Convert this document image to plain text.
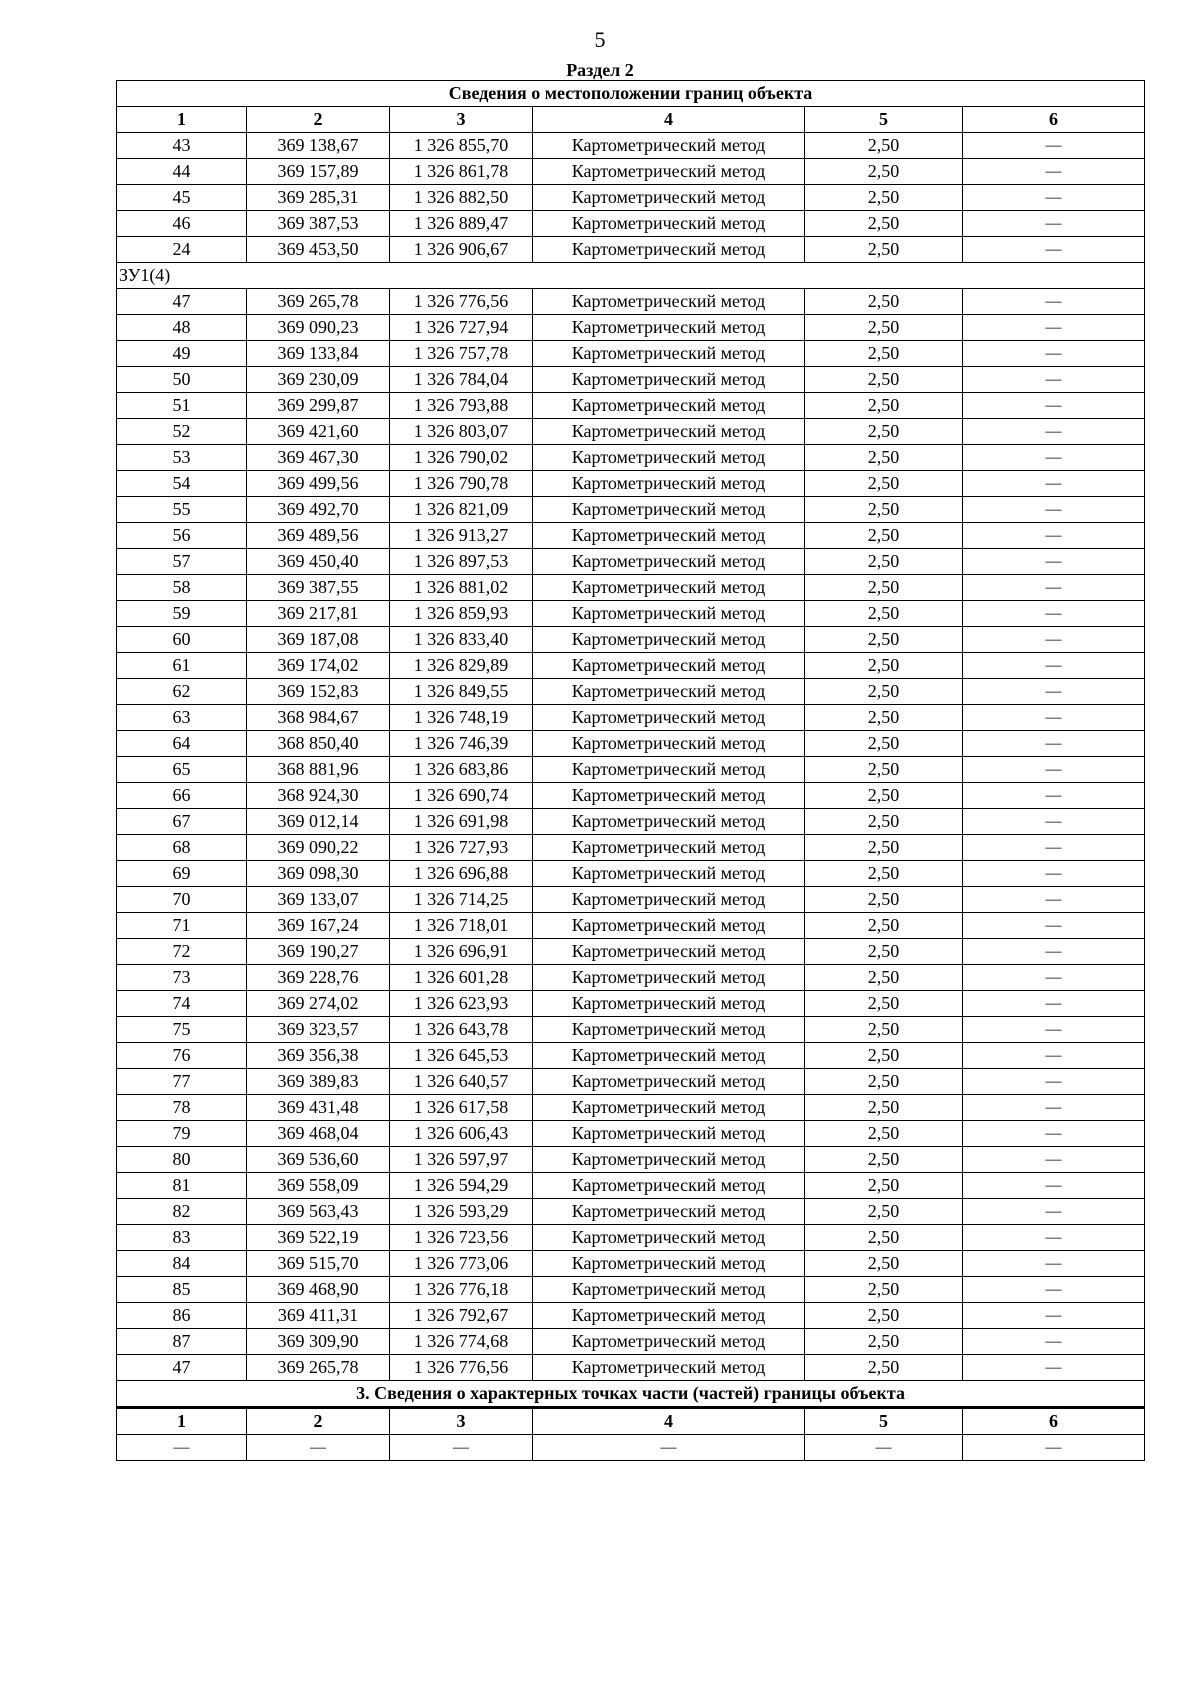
5
Раздел 2
Сведения о местоположении границ объекта					
1	2	3	4	5	6
43	369 138,67	1 326 855,70	Картометрический метод	2,50	—
44	369 157,89	1 326 861,78	Картометрический метод	2,50	—
45	369 285,31	1 326 882,50	Картометрический метод	2,50	—
46	369 387,53	1 326 889,47	Картометрический метод	2,50	—
24	369 453,50	1 326 906,67	Картометрический метод	2,50	—
ЗУ1(4)					
47	369 265,78	1 326 776,56	Картометрический метод	2,50	—
48	369 090,23	1 326 727,94	Картометрический метод	2,50	—
49	369 133,84	1 326 757,78	Картометрический метод	2,50	—
50	369 230,09	1 326 784,04	Картометрический метод	2,50	—
51	369 299,87	1 326 793,88	Картометрический метод	2,50	—
52	369 421,60	1 326 803,07	Картометрический метод	2,50	—
53	369 467,30	1 326 790,02	Картометрический метод	2,50	—
54	369 499,56	1 326 790,78	Картометрический метод	2,50	—
55	369 492,70	1 326 821,09	Картометрический метод	2,50	—
56	369 489,56	1 326 913,27	Картометрический метод	2,50	—
57	369 450,40	1 326 897,53	Картометрический метод	2,50	—
58	369 387,55	1 326 881,02	Картометрический метод	2,50	—
59	369 217,81	1 326 859,93	Картометрический метод	2,50	—
60	369 187,08	1 326 833,40	Картометрический метод	2,50	—
61	369 174,02	1 326 829,89	Картометрический метод	2,50	—
62	369 152,83	1 326 849,55	Картометрический метод	2,50	—
63	368 984,67	1 326 748,19	Картометрический метод	2,50	—
64	368 850,40	1 326 746,39	Картометрический метод	2,50	—
65	368 881,96	1 326 683,86	Картометрический метод	2,50	—
66	368 924,30	1 326 690,74	Картометрический метод	2,50	—
67	369 012,14	1 326 691,98	Картометрический метод	2,50	—
68	369 090,22	1 326 727,93	Картометрический метод	2,50	—
69	369 098,30	1 326 696,88	Картометрический метод	2,50	—
70	369 133,07	1 326 714,25	Картометрический метод	2,50	—
71	369 167,24	1 326 718,01	Картометрический метод	2,50	—
72	369 190,27	1 326 696,91	Картометрический метод	2,50	—
73	369 228,76	1 326 601,28	Картометрический метод	2,50	—
74	369 274,02	1 326 623,93	Картометрический метод	2,50	—
75	369 323,57	1 326 643,78	Картометрический метод	2,50	—
76	369 356,38	1 326 645,53	Картометрический метод	2,50	—
77	369 389,83	1 326 640,57	Картометрический метод	2,50	—
78	369 431,48	1 326 617,58	Картометрический метод	2,50	—
79	369 468,04	1 326 606,43	Картометрический метод	2,50	—
80	369 536,60	1 326 597,97	Картометрический метод	2,50	—
81	369 558,09	1 326 594,29	Картометрический метод	2,50	—
82	369 563,43	1 326 593,29	Картометрический метод	2,50	—
83	369 522,19	1 326 723,56	Картометрический метод	2,50	—
84	369 515,70	1 326 773,06	Картометрический метод	2,50	—
85	369 468,90	1 326 776,18	Картометрический метод	2,50	—
86	369 411,31	1 326 792,67	Картометрический метод	2,50	—
87	369 309,90	1 326 774,68	Картометрический метод	2,50	—
47	369 265,78	1 326 776,56	Картометрический метод	2,50	—
3. Сведения о характерных точках части (частей) границы объекта					
1	2	3	4	5	6
—	—	—	—	—	—
